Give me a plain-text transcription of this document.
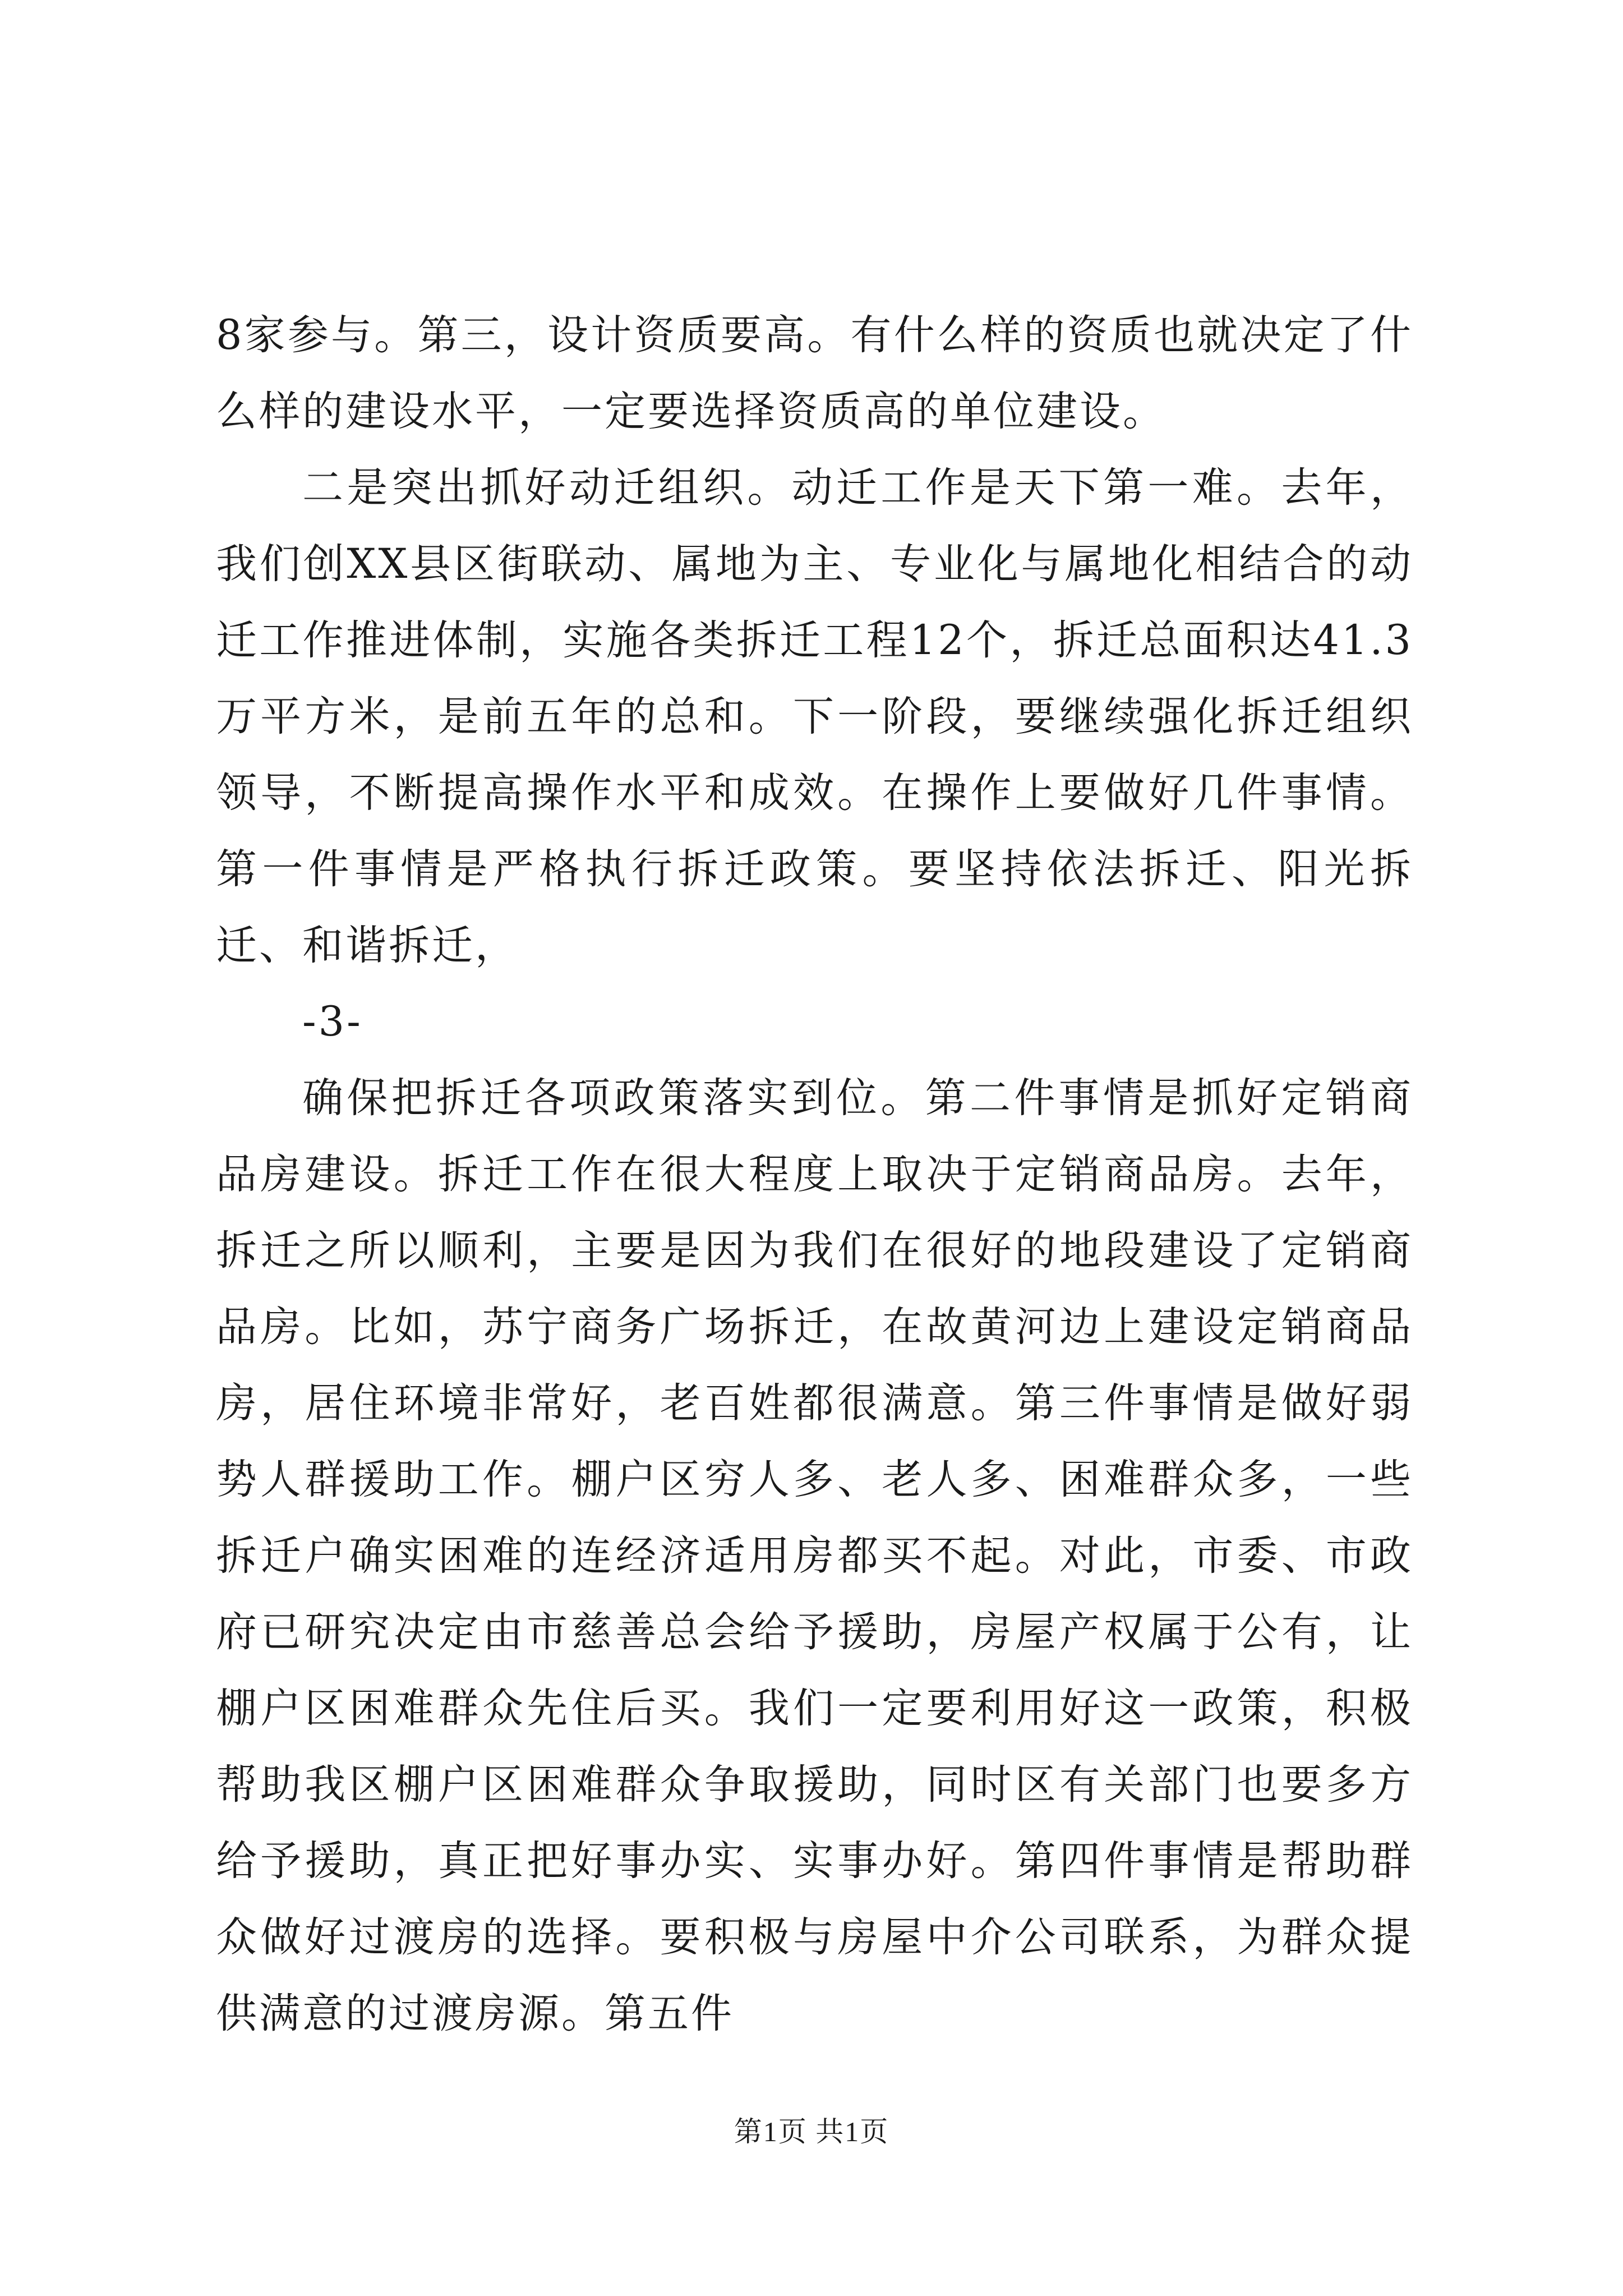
8家参与。第三，设计资质要高。有什么样的资质也就决定了什么样的建设水平，一定要选择资质高的单位建设。

二是突出抓好动迁组织。动迁工作是天下第一难。去年，我们创XX县区街联动、属地为主、专业化与属地化相结合的动迁工作推进体制，实施各类拆迁工程12个，拆迁总面积达41.3万平方米，是前五年的总和。下一阶段，要继续强化拆迁组织领导，不断提高操作水平和成效。在操作上要做好几件事情。第一件事情是严格执行拆迁政策。要坚持依法拆迁、阳光拆迁、和谐拆迁，

-3-

确保把拆迁各项政策落实到位。第二件事情是抓好定销商品房建设。拆迁工作在很大程度上取决于定销商品房。去年，拆迁之所以顺利，主要是因为我们在很好的地段建设了定销商品房。比如，苏宁商务广场拆迁，在故黄河边上建设定销商品房，居住环境非常好，老百姓都很满意。第三件事情是做好弱势人群援助工作。棚户区穷人多、老人多、困难群众多，一些拆迁户确实困难的连经济适用房都买不起。对此，市委、市政府已研究决定由市慈善总会给予援助，房屋产权属于公有，让棚户区困难群众先住后买。我们一定要利用好这一政策，积极帮助我区棚户区困难群众争取援助，同时区有关部门也要多方给予援助，真正把好事办实、实事办好。第四件事情是帮助群众做好过渡房的选择。要积极与房屋中介公司联系，为群众提供满意的过渡房源。第五件

第1页 共1页
